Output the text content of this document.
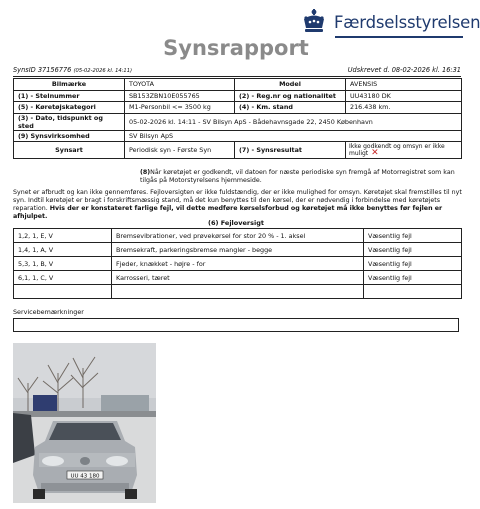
Færdselsstyrelsen
Synsrapport
SynsID 37156776 (05-02-2026 kl. 14:11)	Udskrevet d. 08-02-2026 kl. 16:31
Bilmærke	TOYOTA	Model	AVENSIS
(1) - Stelnummer	SB153ZBN10E055765	(2) - Reg.nr og nationalitet	UU43180 DK
(5) - Køretøjskategori	M1-Personbil <= 3500 kg	(4) - Km. stand	216.438 km.
(3) - Dato, tidspunkt og sted	05-02-2026 kl. 14:11 - SV Bilsyn ApS - Bådehavnsgade 22, 2450 København		
(9) Synsvirksomhed	SV Bilsyn ApS		
Synsart	Periodisk syn - Første Syn	(7) - Synsresultat	Ikke godkendt og omsyn er ikke muligt ✕
(8)Når køretøjet er godkendt, vil datoen for næste periodiske syn fremgå af Motorregistret som kan tilgås på Motorstyrelsens hjemmeside.
Synet er afbrudt og kan ikke gennemføres. Fejloversigten er ikke fuldstændig, der er ikke mulighed for omsyn. Køretøjet skal fremstilles til nyt syn. Indtil køretøjet er bragt i forskriftsmæssig stand, må det kun benyttes til den kørsel, der er nødvendig i forbindelse med køretøjets reparation. Hvis der er konstateret farlige fejl, vil dette medføre kørselsforbud og køretøjet må ikke benyttes før fejlen er afhjulpet.
(6) Fejloversigt
1,2, 1, E, V	Bremsevibrationer, ved prøvekørsel for stor 20 % - 1. aksel	Væsentlig fejl
1,4, 1, A, V	Bremsekraft, parkeringsbremse mangler - begge	Væsentlig fejl
5,3, 1, B, V	Fjeder, knækket - højre - for	Væsentlig fejl
6,1, 1, C, V	Karrosseri, tæret	Væsentlig fejl

Servicebemærkninger
UU 43 180
